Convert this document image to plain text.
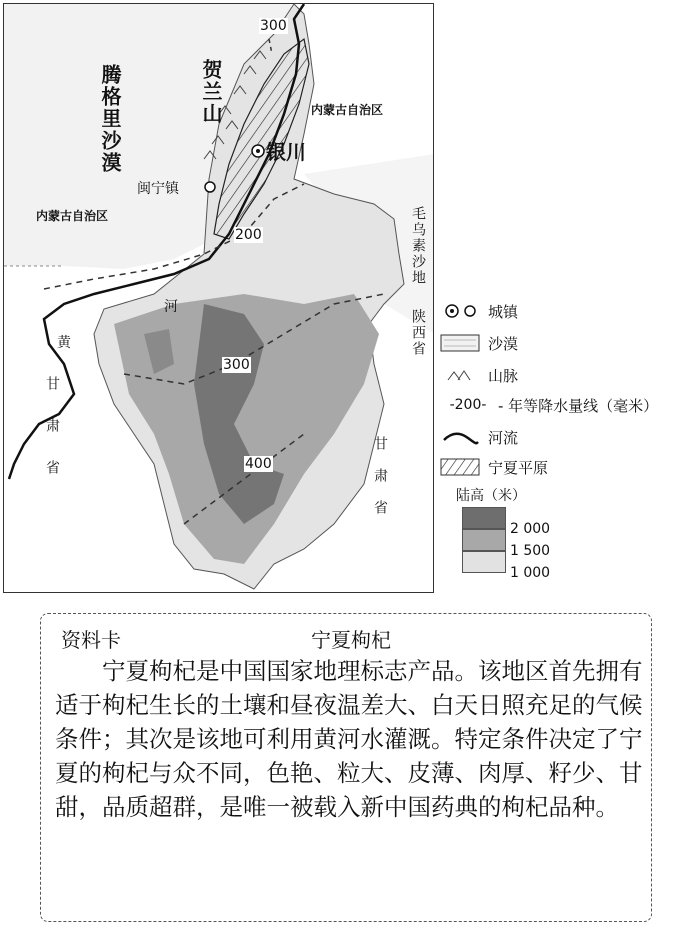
腾格里沙漠	贺兰山
银川
闽宁镇
内蒙古自治区
内蒙古自治区	毛乌素沙地
陕西省
河
黄
甘肃省	甘肃省
300
200
300
400
城镇
沙漠
山脉
-200- - 年等降水量线（毫米）
河流
宁夏平原
陆高（米）
2 000
1 500
1 000
资料卡	宁夏枸杞
宁夏枸杞是中国国家地理标志产品。该地区首先拥有适于枸杞生长的土壤和昼夜温差大、白天日照充足的气候条件；其次是该地可利用黄河水灌溉。特定条件决定了宁夏的枸杞与众不同，色艳、粒大、皮薄、肉厚、籽少、甘甜，品质超群，是唯一被载入新中国药典的枸杞品种。
